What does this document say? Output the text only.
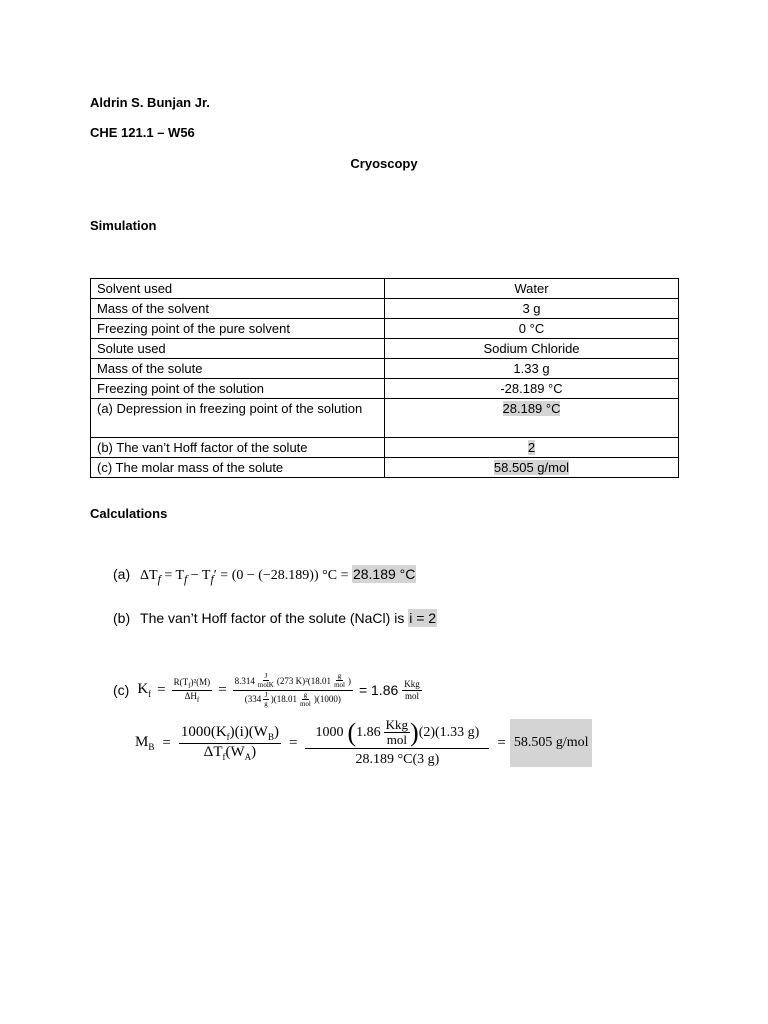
Aldrin S. Bunjan Jr.
CHE 121.1 – W56
Cryoscopy
Simulation
Solvent used	Water
Mass of the solvent	3 g
Freezing point of the pure solvent	0 °C
Solute used	Sodium Chloride
Mass of the solute	1.33 g
Freezing point of the solution	-28.189 °C
(a) Depression in freezing point of the solution	28.189 °C
(b) The van’t Hoff factor of the solute	2
(c) The molar mass of the solute	58.505 g/mol
Calculations
(a) $\Delta T_f = T_f - T_f' = (0 - (-28.189)) ^\circ C = 28.189$ °C
(b) The van’t Hoff factor of the solute (NaCl) is i = 2
(c) $K_f = \frac{R(T_f)^2(M)}{\Delta H_f} = \frac{8.314 \frac{J}{\text{molK}} (273 K)^2(18.01 \frac{g}{\text{mol}} )}{(334 \frac{J}{g} )(18.01 \frac{g}{\text{mol}} )(1000)} = 1.86 \frac{\text{Kkg}}{\text{mol}}$
$M_B = \frac{1000(K_f)(i)(W_B)}{\Delta T_f(W_A)}$ =
1000 ( $1.86 \frac{\text{Kkg}}{\text{mol}}$ ) (2)(1.33 g)
28.189 °C(3 g)
= 58.505 g/mol
